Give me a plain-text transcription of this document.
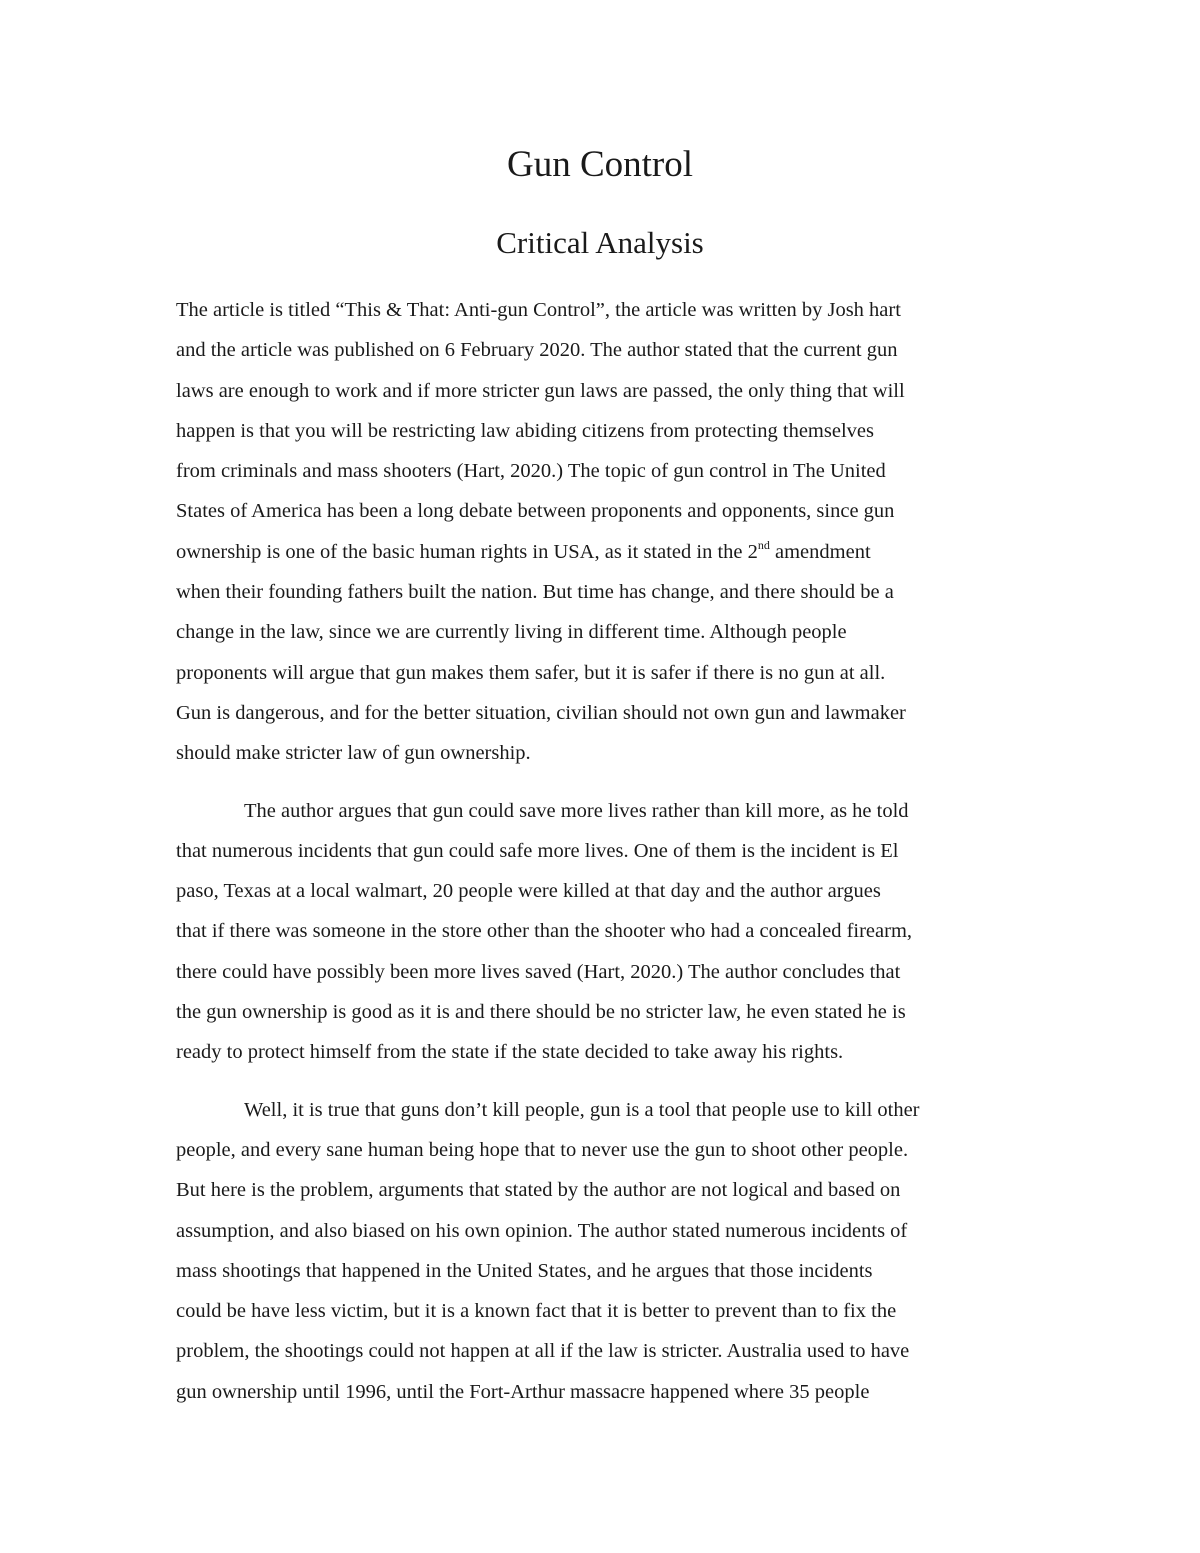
Gun Control
Critical Analysis
The article is titled “This & That: Anti-gun Control”, the article was written by Josh hart
and the article was published on 6 February 2020. The author stated that the current gun
laws are enough to work and if more stricter gun laws are passed, the only thing that will
happen is that you will be restricting law abiding citizens from protecting themselves
from criminals and mass shooters (Hart, 2020.) The topic of gun control in The United
States of America has been a long debate between proponents and opponents, since gun
ownership is one of the basic human rights in USA, as it stated in the 2nd amendment
when their founding fathers built the nation. But time has change, and there should be a
change in the law, since we are currently living in different time. Although people
proponents will argue that gun makes them safer, but it is safer if there is no gun at all.
Gun is dangerous, and for the better situation, civilian should not own gun and lawmaker
should make stricter law of gun ownership.
The author argues that gun could save more lives rather than kill more, as he told
that numerous incidents that gun could safe more lives. One of them is the incident is El
paso, Texas at a local walmart, 20 people were killed at that day and the author argues
that if there was someone in the store other than the shooter who had a concealed firearm,
there could have possibly been more lives saved (Hart, 2020.) The author concludes that
the gun ownership is good as it is and there should be no stricter law, he even stated he is
ready to protect himself from the state if the state decided to take away his rights.
Well, it is true that guns don’t kill people, gun is a tool that people use to kill other
people, and every sane human being hope that to never use the gun to shoot other people.
But here is the problem, arguments that stated by the author are not logical and based on
assumption, and also biased on his own opinion. The author stated numerous incidents of
mass shootings that happened in the United States, and he argues that those incidents
could be have less victim, but it is a known fact that it is better to prevent than to fix the
problem, the shootings could not happen at all if the law is stricter. Australia used to have
gun ownership until 1996, until the Fort-Arthur massacre happened where 35 people
